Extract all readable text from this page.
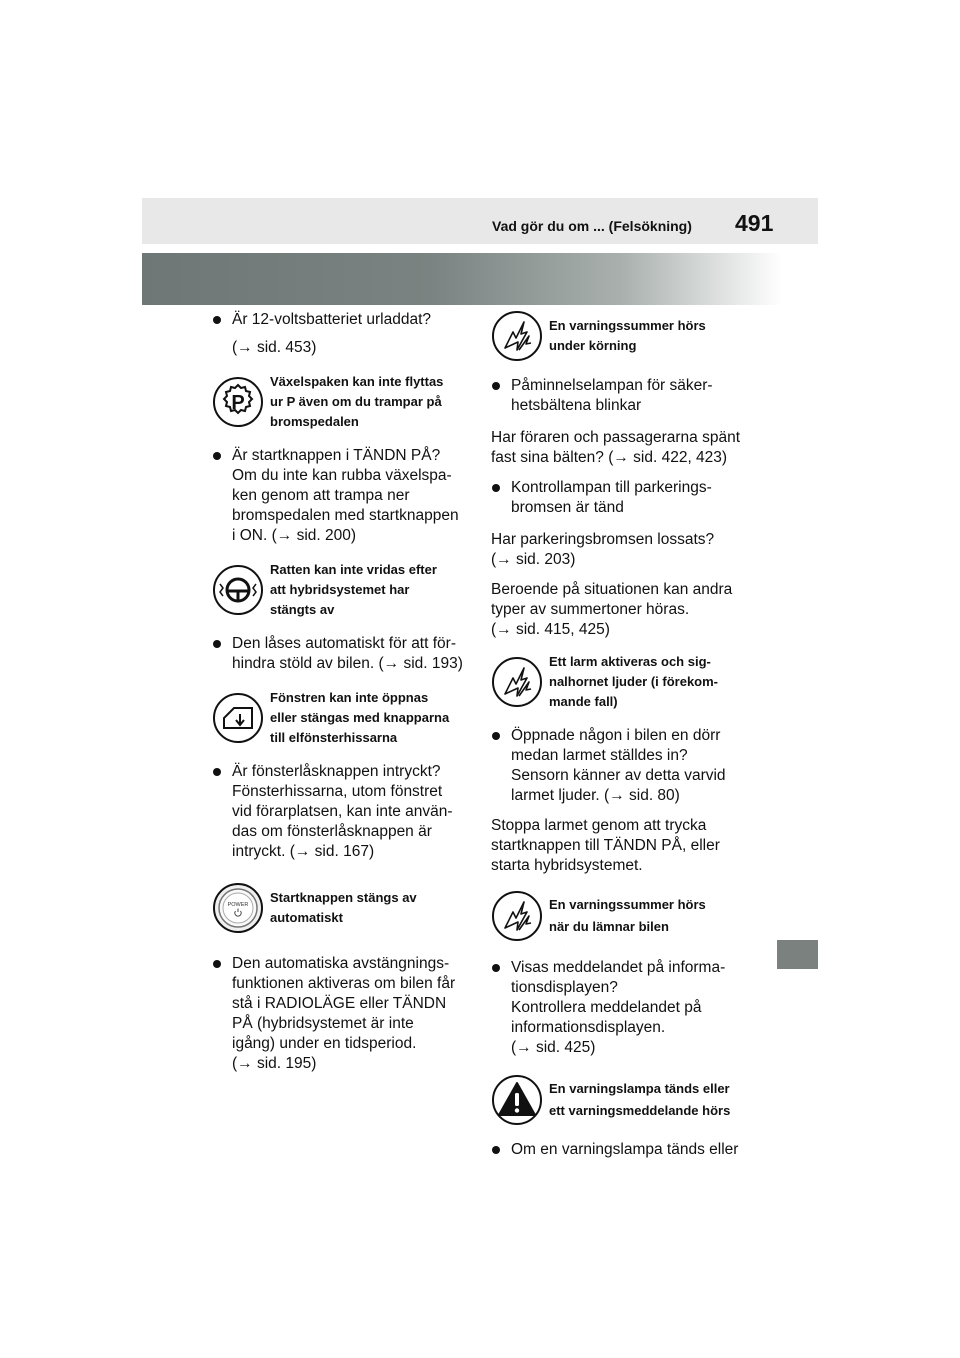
Vad gör du om ... (Felsökning) 491
Är 12-voltsbatteriet urladdat?
(→ sid. 453)
P
Växelspaken kan inte flyttas
ur P även om du trampar på
bromspedalen
Är startknappen i TÄNDN PÅ?
Om du inte kan rubba växelspa-
ken genom att trampa ner
bromspedalen med startknappen
i ON. (→ sid. 200)
Ratten kan inte vridas efter
att hybridsystemet har
stängts av
Den låses automatiskt för att för-
hindra stöld av bilen. (→ sid. 193)
Fönstren kan inte öppnas
eller stängas med knapparna
till elfönsterhissarna
Är fönsterlåsknappen intryckt?
Fönsterhissarna, utom fönstret
vid förarplatsen, kan inte använ-
das om fönsterlåsknappen är
intryckt. (→ sid. 167)
POWER Startknappen stängs av
automatiskt
Den automatiska avstängnings-
funktionen aktiveras om bilen får
stå i RADIOLÄGE eller TÄNDN
PÅ (hybridsystemet är inte
igång) under en tidsperiod.
(→ sid. 195)
En varningssummer hörs
under körning
Påminnelselampan för säker-
hetsbältena blinkar
Har föraren och passagerarna spänt
fast sina bälten? (→ sid. 422, 423)
Kontrollampan till parkerings-
bromsen är tänd
Har parkeringsbromsen lossats?
(→ sid. 203)
Beroende på situationen kan andra
typer av summertoner höras.
(→ sid. 415, 425)
Ett larm aktiveras och sig-
nalhornet ljuder (i förekom-
mande fall)
Öppnade någon i bilen en dörr
medan larmet ställdes in?
Sensorn känner av detta varvid
larmet ljuder. (→ sid. 80)
Stoppa larmet genom att trycka
startknappen till TÄNDN PÅ, eller
starta hybridsystemet.
En varningssummer hörs
när du lämnar bilen
Visas meddelandet på informa-
tionsdisplayen?
Kontrollera meddelandet på
informationsdisplayen.
(→ sid. 425)
En varningslampa tänds eller
ett varningsmeddelande hörs
Om en varningslampa tänds eller
